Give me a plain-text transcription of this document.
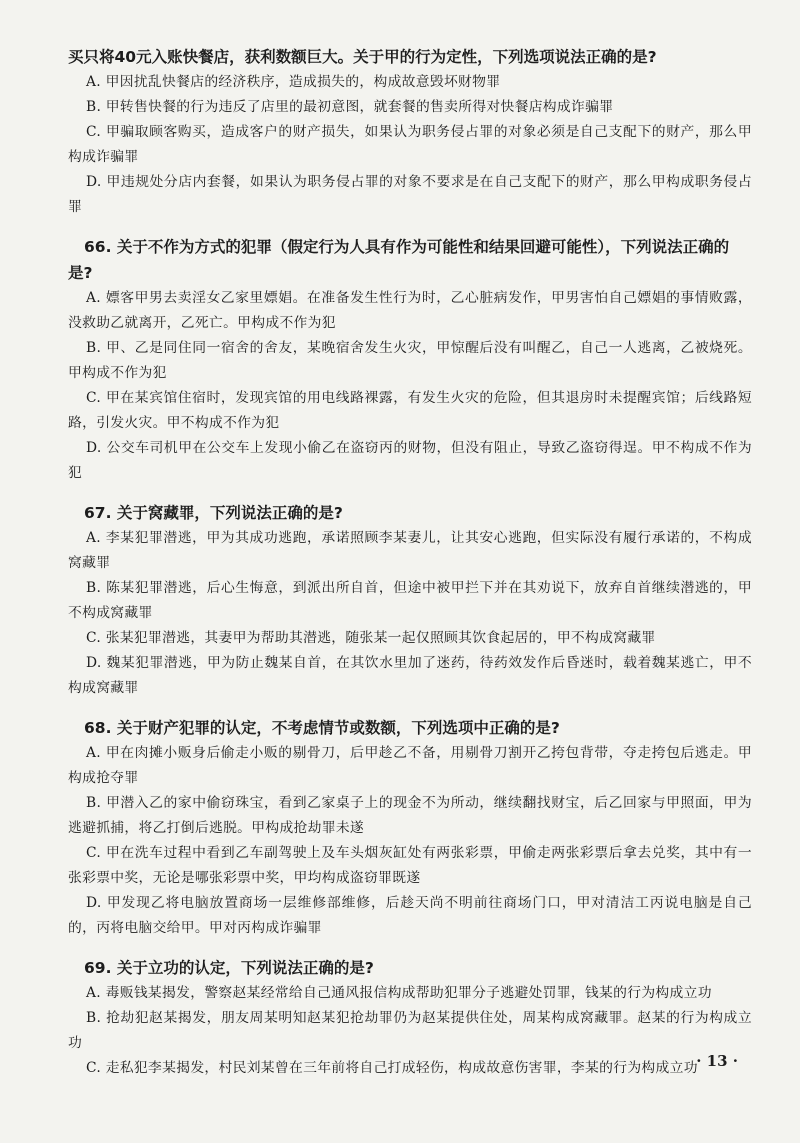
买只将40元入账快餐店，获利数额巨大。关于甲的行为定性，下列选项说法正确的是?

A. 甲因扰乱快餐店的经济秩序，造成损失的，构成故意毁坏财物罪

B. 甲转售快餐的行为违反了店里的最初意图，就套餐的售卖所得对快餐店构成诈骗罪

C. 甲骗取顾客购买，造成客户的财产损失，如果认为职务侵占罪的对象必须是自己支配下的财产，那么甲构成诈骗罪

D. 甲违规处分店内套餐，如果认为职务侵占罪的对象不要求是在自己支配下的财产，那么甲构成职务侵占罪

66. 关于不作为方式的犯罪（假定行为人具有作为可能性和结果回避可能性），下列说法正确的是?

A. 嫖客甲男去卖淫女乙家里嫖娼。在准备发生性行为时，乙心脏病发作，甲男害怕自己嫖娼的事情败露，没救助乙就离开，乙死亡。甲构成不作为犯

B. 甲、乙是同住同一宿舍的舍友，某晚宿舍发生火灾，甲惊醒后没有叫醒乙，自己一人逃离，乙被烧死。甲构成不作为犯

C. 甲在某宾馆住宿时，发现宾馆的用电线路裸露，有发生火灾的危险，但其退房时未提醒宾馆；后线路短路，引发火灾。甲不构成不作为犯

D. 公交车司机甲在公交车上发现小偷乙在盗窃丙的财物，但没有阻止，导致乙盗窃得逞。甲不构成不作为犯

67. 关于窝藏罪，下列说法正确的是?

A. 李某犯罪潜逃，甲为其成功逃跑，承诺照顾李某妻儿，让其安心逃跑，但实际没有履行承诺的，不构成窝藏罪

B. 陈某犯罪潜逃，后心生悔意，到派出所自首，但途中被甲拦下并在其劝说下，放弃自首继续潜逃的，甲不构成窝藏罪

C. 张某犯罪潜逃，其妻甲为帮助其潜逃，随张某一起仅照顾其饮食起居的，甲不构成窝藏罪

D. 魏某犯罪潜逃，甲为防止魏某自首，在其饮水里加了迷药，待药效发作后昏迷时，载着魏某逃亡，甲不构成窝藏罪

68. 关于财产犯罪的认定，不考虑情节或数额，下列选项中正确的是?

A. 甲在肉摊小贩身后偷走小贩的剔骨刀，后甲趁乙不备，用剔骨刀割开乙挎包背带，夺走挎包后逃走。甲构成抢夺罪

B. 甲潜入乙的家中偷窃珠宝，看到乙家桌子上的现金不为所动，继续翻找财宝，后乙回家与甲照面，甲为逃避抓捕，将乙打倒后逃脱。甲构成抢劫罪未遂

C. 甲在洗车过程中看到乙车副驾驶上及车头烟灰缸处有两张彩票，甲偷走两张彩票后拿去兑奖，其中有一张彩票中奖，无论是哪张彩票中奖，甲均构成盗窃罪既遂

D. 甲发现乙将电脑放置商场一层维修部维修，后趁天尚不明前往商场门口，甲对清洁工丙说电脑是自己的，丙将电脑交给甲。甲对丙构成诈骗罪

69. 关于立功的认定，下列说法正确的是?

A. 毒贩钱某揭发，警察赵某经常给自己通风报信构成帮助犯罪分子逃避处罚罪，钱某的行为构成立功

B. 抢劫犯赵某揭发，朋友周某明知赵某犯抢劫罪仍为赵某提供住处，周某构成窝藏罪。赵某的行为构成立功

C. 走私犯李某揭发，村民刘某曾在三年前将自己打成轻伤，构成故意伤害罪，李某的行为构成立功

· 13 ·
